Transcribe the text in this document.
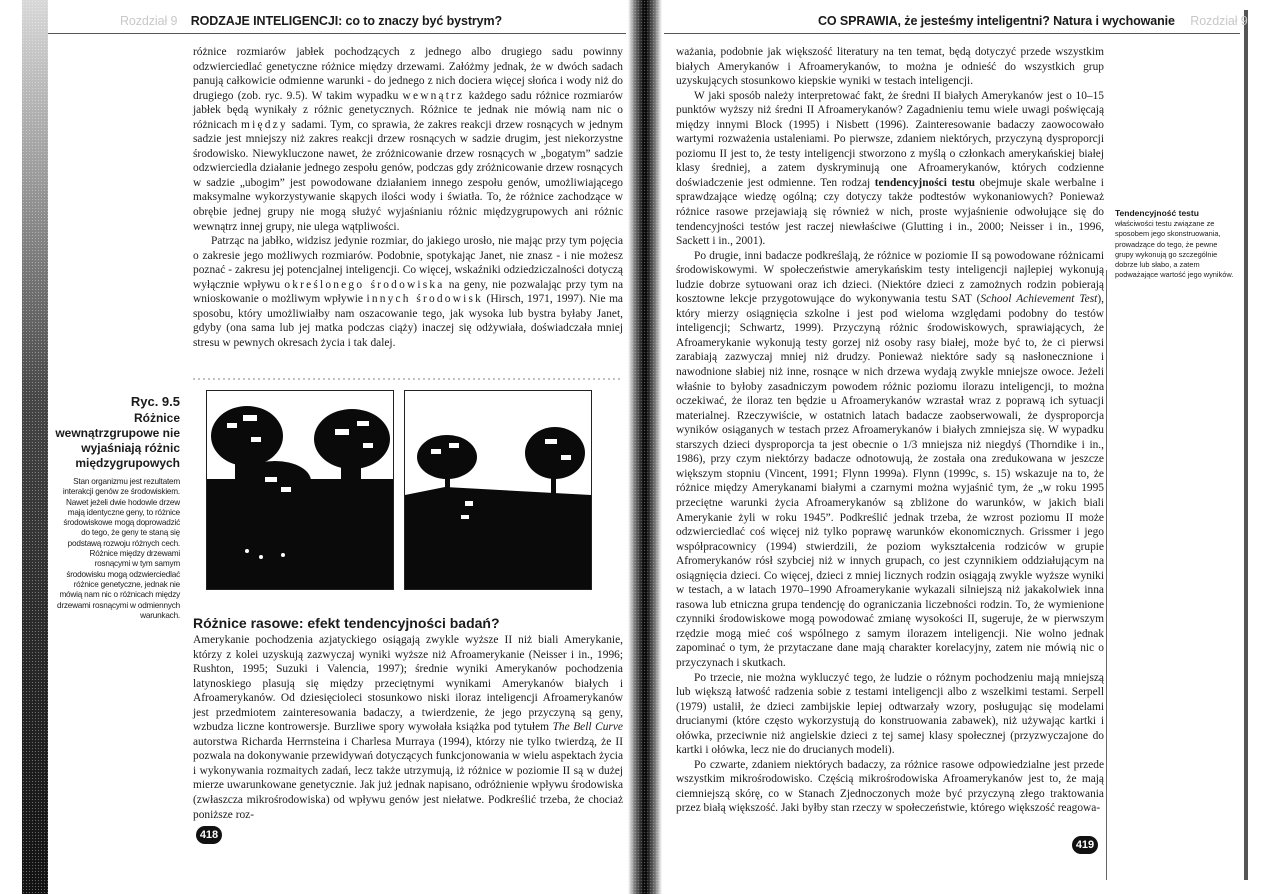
Rozdział 9 RODZAJE INTELIGENCJI: co to znaczy być bystrym?	CO SPRAWIA, że jesteśmy inteligentni? Natura i wychowanie Rozdział 9

różnice rozmiarów jabłek pochodzących z jednego albo drugiego sadu powinny odzwierciedlać genetyczne różnice między drzewami. Załóżmy jednak, że w dwóch sadach panują całkowicie odmienne warunki - do jednego z nich dociera więcej słońca i wody niż do drugiego (zob. ryc. 9.5). W takim wypadku wewnątrz każdego sadu różnice rozmiarów jabłek będą wynikały z różnic genetycznych. Różnice te jednak nie mówią nam nic o różnicach między sadami. Tym, co sprawia, że zakres reakcji drzew rosnących w jednym sadzie jest mniejszy niż zakres reakcji drzew rosnących w sadzie drugim, jest niekorzystne środowisko. Niewykluczone nawet, że zróżnicowanie drzew rosnących w „bogatym” sadzie odzwierciedla działanie jednego zespołu genów, podczas gdy zróżnicowanie drzew rosnących w sadzie „ubogim” jest powodowane działaniem innego zespołu genów, umożliwiającego maksymalne wykorzystywanie skąpych ilości wody i światła. To, że różnice zachodzące w obrębie jednej grupy nie mogą służyć wyjaśnianiu różnic międzygrupowych ani różnic wewnątrz innej grupy, nie ulega wątpliwości.

Patrząc na jabłko, widzisz jedynie rozmiar, do jakiego urosło, nie mając przy tym pojęcia o zakresie jego możliwych rozmiarów. Podobnie, spotykając Janet, nie znasz - i nie możesz poznać - zakresu jej potencjalnej inteligencji. Co więcej, wskaźniki odziedziczalności dotyczą wyłącznie wpływu określonego środowiska na geny, nie pozwalając przy tym na wnioskowanie o możliwym wpływie innych środowisk (Hirsch, 1971, 1997). Nie ma sposobu, który umożliwiałby nam oszacowanie tego, jak wysoka lub bystra byłaby Janet, gdyby (ona sama lub jej matka podczas ciąży) inaczej się odżywiała, doświadczała mniej stresu w pewnych okresach życia i tak dalej.

Ryc. 9.5
Różnice wewnątrzgrupowe nie wyjaśniają różnic międzygrupowych
Stan organizmu jest rezultatem interakcji genów ze środowiskiem. Nawet jeżeli dwie hodowle drzew mają identyczne geny, to różnice środowiskowe mogą doprowadzić do tego, że geny te staną się podstawą rozwoju różnych cech. Różnice między drzewami rosnącymi w tym samym środowisku mogą odzwierciedlać różnice genetyczne, jednak nie mówią nam nic o różnicach między drzewami rosnącymi w odmiennych warunkach. Różnice rasowe: efekt tendencyjności badań?

Amerykanie pochodzenia azjatyckiego osiągają zwykle wyższe II niż biali Amerykanie, którzy z kolei uzyskują zazwyczaj wyniki wyższe niż Afroamerykanie (Neisser i in., 1996; Rushton, 1995; Suzuki i Valencia, 1997); średnie wyniki Amerykanów pochodzenia latynoskiego plasują się między przeciętnymi wynikami Amerykanów białych i Afroamerykanów. Od dziesięcioleci stosunkowo niski iloraz inteligencji Afroamerykanów jest przedmiotem zainteresowania badaczy, a twierdzenie, że jego przyczyną są geny, wzbudza liczne kontrowersje. Burzliwe spory wywołała książka pod tytułem The Bell Curve autorstwa Richarda Herrnsteina i Charlesa Murraya (1994), którzy nie tylko twierdzą, że II pozwala na dokonywanie przewidywań dotyczących funkcjonowania w wielu aspektach życia i wykonywania rozmaitych zadań, lecz także utrzymują, iż różnice w poziomie II są w dużej mierze uwarunkowane genetycznie. Jak już jednak napisano, odróżnienie wpływu środowiska (zwłaszcza mikrośrodowiska) od wpływu genów jest niełatwe. Podkreślić trzeba, że chociaż poniższe roz-

418

ważania, podobnie jak większość literatury na ten temat, będą dotyczyć przede wszystkim białych Amerykanów i Afroamerykanów, to można je odnieść do wszystkich grup uzyskujących stosunkowo kiepskie wyniki w testach inteligencji.

W jaki sposób należy interpretować fakt, że średni II białych Amerykanów jest o 10–15 punktów wyższy niż średni II Afroamerykanów? Zagadnieniu temu wiele uwagi poświęcają między innymi Block (1995) i Nisbett (1996). Zainteresowanie badaczy zaowocowało wartymi rozważenia ustaleniami. Po pierwsze, zdaniem niektórych, przyczyną dysproporcji poziomu II jest to, że testy inteligencji stworzono z myślą o członkach amerykańskiej białej klasy średniej, a zatem dyskryminują one Afroamerykanów, których codzienne doświadczenie jest odmienne. Ten rodzaj tendencyjności testu obejmuje skale werbalne i sprawdzające wiedzę ogólną; czy dotyczy także podtestów wykonaniowych? Ponieważ różnice rasowe przejawiają się również w nich, proste wyjaśnienie odwołujące się do tendencyjności testów jest raczej niewłaściwe (Glutting i in., 2000; Neisser i in., 1996, Sackett i in., 2001).

Po drugie, inni badacze podkreślają, że różnice w poziomie II są powodowane różnicami środowiskowymi. W społeczeństwie amerykańskim testy inteligencji najlepiej wykonują ludzie dobrze sytuowani oraz ich dzieci. (Niektóre dzieci z zamożnych rodzin pobierają kosztowne lekcje przygotowujące do wykonywania testu SAT (School Achievement Test), który mierzy osiągnięcia szkolne i jest pod wieloma względami podobny do testów inteligencji; Schwartz, 1999). Przyczyną różnic środowiskowych, sprawiających, że Afroamerykanie wykonują testy gorzej niż osoby rasy białej, może być to, że ci pierwsi zarabiają zazwyczaj mniej niż drudzy. Ponieważ niektóre sady są nasłonecznione i nawodnione słabiej niż inne, rosnące w nich drzewa wydają zwykle mniejsze owoce. Jeżeli właśnie to byłoby zasadniczym powodem różnic poziomu ilorazu inteligencji, to można oczekiwać, że iloraz ten będzie u Afroamerykanów wzrastał wraz z poprawą ich sytuacji materialnej. Rzeczywiście, w ostatnich latach badacze zaobserwowali, że dysproporcja wyników osiąganych w testach przez Afroamerykanów i białych zmniejsza się. W wypadku starszych dzieci dysproporcja ta jest obecnie o 1/3 mniejsza niż niegdyś (Thorndike i in., 1986), przy czym niektórzy badacze odnotowują, że została ona zredukowana w jeszcze większym stopniu (Vincent, 1991; Flynn 1999a). Flynn (1999c, s. 15) wskazuje na to, że różnice między Amerykanami białymi a czarnymi można wyjaśnić tym, że „w roku 1995 przeciętne warunki życia Afroamerykanów są zbliżone do warunków, w jakich biali Amerykanie żyli w roku 1945”. Podkreślić jednak trzeba, że wzrost poziomu II może odzwierciedlać coś więcej niż tylko poprawę warunków ekonomicznych. Grissmer i jego współpracownicy (1994) stwierdzili, że poziom wykształcenia rodziców w grupie Afromerykanów rósł szybciej niż w innych grupach, co jest czynnikiem oddziałującym na osiągnięcia dzieci. Co więcej, dzieci z mniej licznych rodzin osiągają zwykle wyższe wyniki w testach, a w latach 1970–1990 Afroamerykanie wykazali silniejszą niż jakakolwiek inna rasowa lub etniczna grupa tendencję do ograniczania liczebności rodzin. To, że wymienione czynniki środowiskowe mogą powodować zmianę wysokości II, sugeruje, że w pierwszym rzędzie mogą mieć coś wspólnego z samym ilorazem inteligencji. Nie wolno jednak zapominać o tym, że przytaczane dane mają charakter korelacyjny, zatem nie mówią nic o przyczynach i skutkach.

Po trzecie, nie można wykluczyć tego, że ludzie o różnym pochodzeniu mają mniejszą lub większą łatwość radzenia sobie z testami inteligencji albo z wszelkimi testami. Serpell (1979) ustalił, że dzieci zambijskie lepiej odtwarzały wzory, posługując się modelami drucianymi (które często wykorzystują do konstruowania zabawek), niż używając kartki i ołówka, przeciwnie niż angielskie dzieci z tej samej klasy społecznej (przyzwyczajone do kartki i ołówka, lecz nie do drucianych modeli).

Po czwarte, zdaniem niektórych badaczy, za różnice rasowe odpowiedzialne jest przede wszystkim mikrośrodowisko. Częścią mikrośrodowiska Afroamerykanów jest to, że mają ciemniejszą skórę, co w Stanach Zjednoczonych może być przyczyną złego traktowania przez białą większość. Jaki byłby stan rzeczy w społeczeństwie, którego większość reagowa-

Tendencyjność testu
właściwości testu związane ze sposobem jego skonstruowania, prowadzące do tego, że pewne grupy wykonują go szczególnie dobrze lub słabo, a zatem podważające wartość jego wyników.
419
